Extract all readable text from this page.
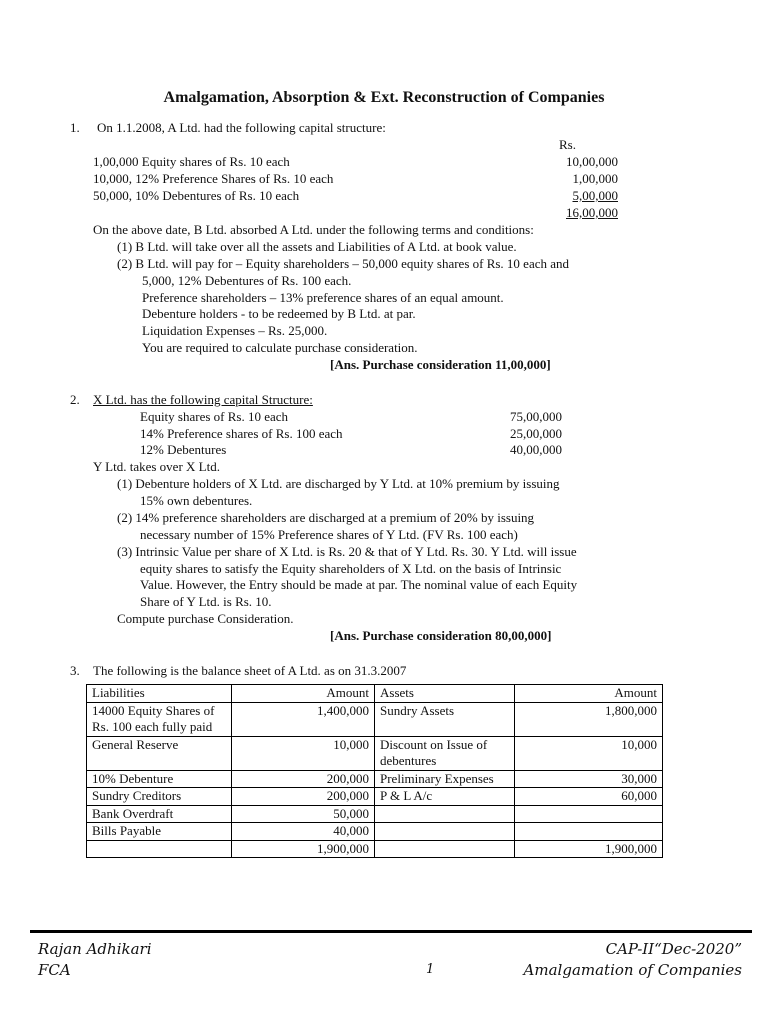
Amalgamation, Absorption & Ext. Reconstruction of Companies
1. On 1.1.2008, A Ltd. had the following capital structure:
Rs.
1,00,000 Equity shares of Rs. 10 each	10,00,000
10,000, 12% Preference Shares of Rs. 10 each	1,00,000
50,000, 10% Debentures of Rs. 10 each	5,00,000
16,00,000
On the above date, B Ltd. absorbed A Ltd. under the following terms and conditions:
(1) B Ltd. will take over all the assets and Liabilities of A Ltd. at book value.
(2) B Ltd. will pay for – Equity shareholders – 50,000 equity shares of Rs. 10 each and
5,000, 12% Debentures of Rs. 100 each.
Preference shareholders – 13% preference shares of an equal amount.
Debenture holders - to be redeemed by B Ltd. at par.
Liquidation Expenses – Rs. 25,000.
You are required to calculate purchase consideration.
[Ans. Purchase consideration 11,00,000]
2. X Ltd. has the following capital Structure:
Equity shares of Rs. 10 each	75,00,000
14% Preference shares of Rs. 100 each	25,00,000
12% Debentures	40,00,000
Y Ltd. takes over X Ltd.
(1) Debenture holders of X Ltd. are discharged by Y Ltd. at 10% premium by issuing
15% own debentures.
(2) 14% preference shareholders are discharged at a premium of 20% by issuing
necessary number of 15% Preference shares of Y Ltd. (FV Rs. 100 each)
(3) Intrinsic Value per share of X Ltd. is Rs. 20 & that of Y Ltd. Rs. 30. Y Ltd. will issue
equity shares to satisfy the Equity shareholders of X Ltd. on the basis of Intrinsic
Value. However, the Entry should be made at par. The nominal value of each Equity
Share of Y Ltd. is Rs. 10.
Compute purchase Consideration.
[Ans. Purchase consideration 80,00,000]
3. The following is the balance sheet of A Ltd. as on 31.3.2007
Liabilities	Amount	Assets	Amount
14000 Equity Shares of Rs. 100 each fully paid	1,400,000	Sundry Assets	1,800,000
General Reserve	10,000	Discount on Issue of debentures	10,000
10% Debenture	200,000	Preliminary Expenses	30,000
Sundry Creditors	200,000	P & L A/c	60,000
Bank Overdraft	50,000		
Bills Payable	40,000		
	1,900,000		1,900,000
Rajan Adhikari
FCA
CAP-II“Dec-2020”
1	Amalgamation of Companies
